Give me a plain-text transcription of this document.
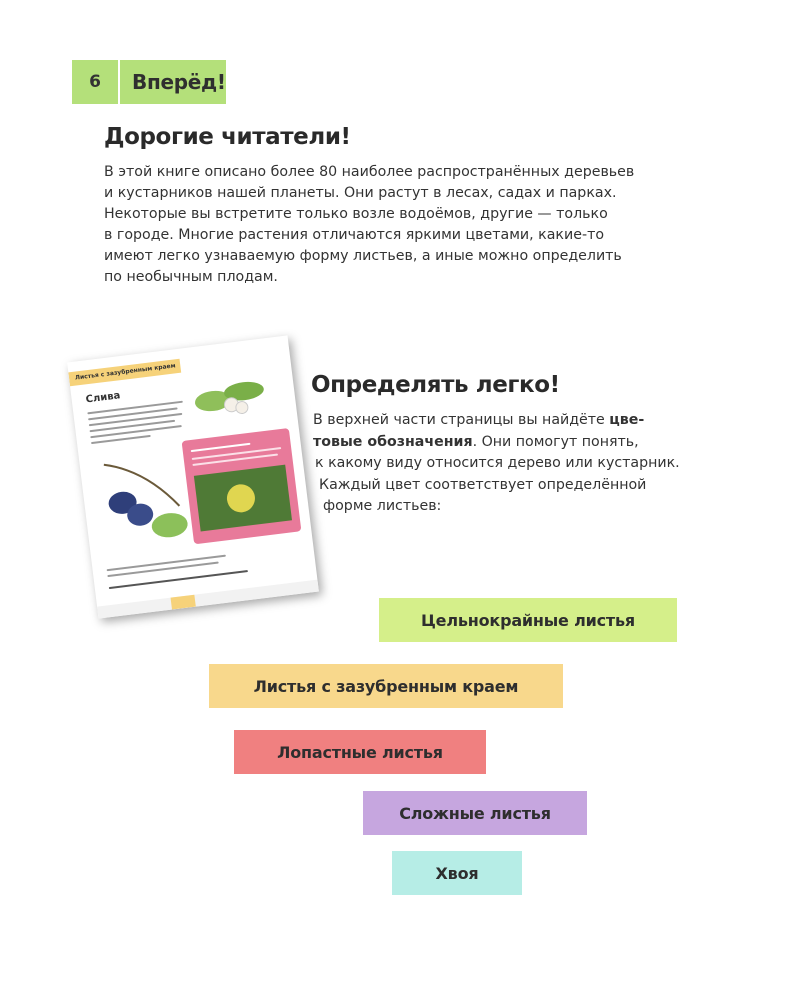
6	Вперёд!
Дорогие читатели!
В этой книге описано более 80 наиболее распространённых деревьев
и кустарников нашей планеты. Они растут в лесах, садах и парках.
Некоторые вы встретите только возле водоёмов, другие — только
в городе. Многие растения отличаются яркими цветами, какие-то
имеют легко узнаваемую форму листьев, а иные можно определить
по необычным плодам.
Листья с зазубренным краем
Слива	Определять легко!
В верхней части страницы вы найдёте цве-
товые обозначения. Они помогут понять,
к какому виду относится дерево или кустарник.
Каждый цвет соответствует определённой
форме листьев:
Цельнокрайные листья
Листья с зазубренным краем
Лопастные листья
Сложные листья
Хвоя
